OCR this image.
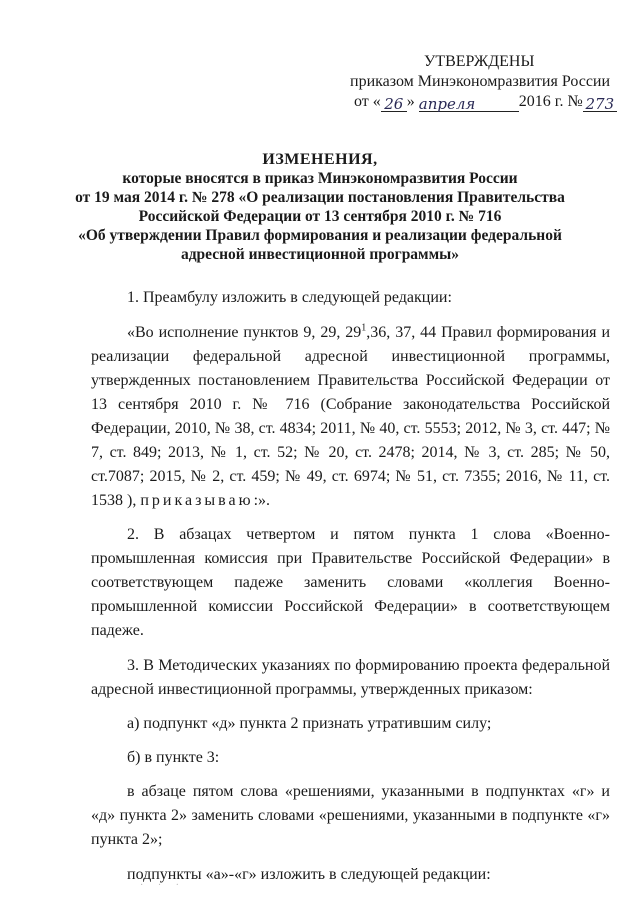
УТВЕРЖДЕНЫ
приказом Минэкономразвития России
от « 26 » апреля	2016 г. № 273
ИЗМЕНЕНИЯ,
которые вносятся в приказ Минэкономразвития России
от 19 мая 2014 г. № 278 «О реализации постановления Правительства
Российской Федерации от 13 сентября 2010 г. № 716
«Об утверждении Правил формирования и реализации федеральной
адресной инвестиционной программы»

1. Преамбулу изложить в следующей редакции:

«Во исполнение пунктов 9, 29, $29^1,36$, 37, 44 Правил формирования и реализации федеральной адресной инвестиционной программы, утвержденных постановлением Правительства Российской Федерации от 13 сентября 2010 г. № 716 (Собрание законодательства Российской Федерации, 2010, № 38, ст. 4834; 2011, № 40, ст. 5553; 2012, № 3, ст. 447; № 7, ст. 849; 2013, № 1, ст. 52; № 20, ст. 2478; 2014, № 3, ст. 285; № 50, ст.7087; 2015, № 2, ст. 459; № 49, ст. 6974; № 51, ст. 7355; 2016, № 11, ст. 1538 ), приказываю:».

2. В абзацах четвертом и пятом пункта 1 слова «Военно-промышленная комиссия при Правительстве Российской Федерации» в соответствующем падеже заменить словами «коллегия Военно-промышленной комиссии Российской Федерации» в соответствующем падеже.

3. В Методических указаниях по формированию проекта федеральной адресной инвестиционной программы, утвержденных приказом:

а) подпункт «д» пункта 2 признать утратившим силу;

б) в пункте 3:

в абзаце пятом слова «решениями, указанными в подпунктах «г» и «д» пункта 2» заменить словами «решениями, указанными в подпункте «г» пункта 2»;

подпункты «а»-«г» изложить в следующей редакции:

· · ·
